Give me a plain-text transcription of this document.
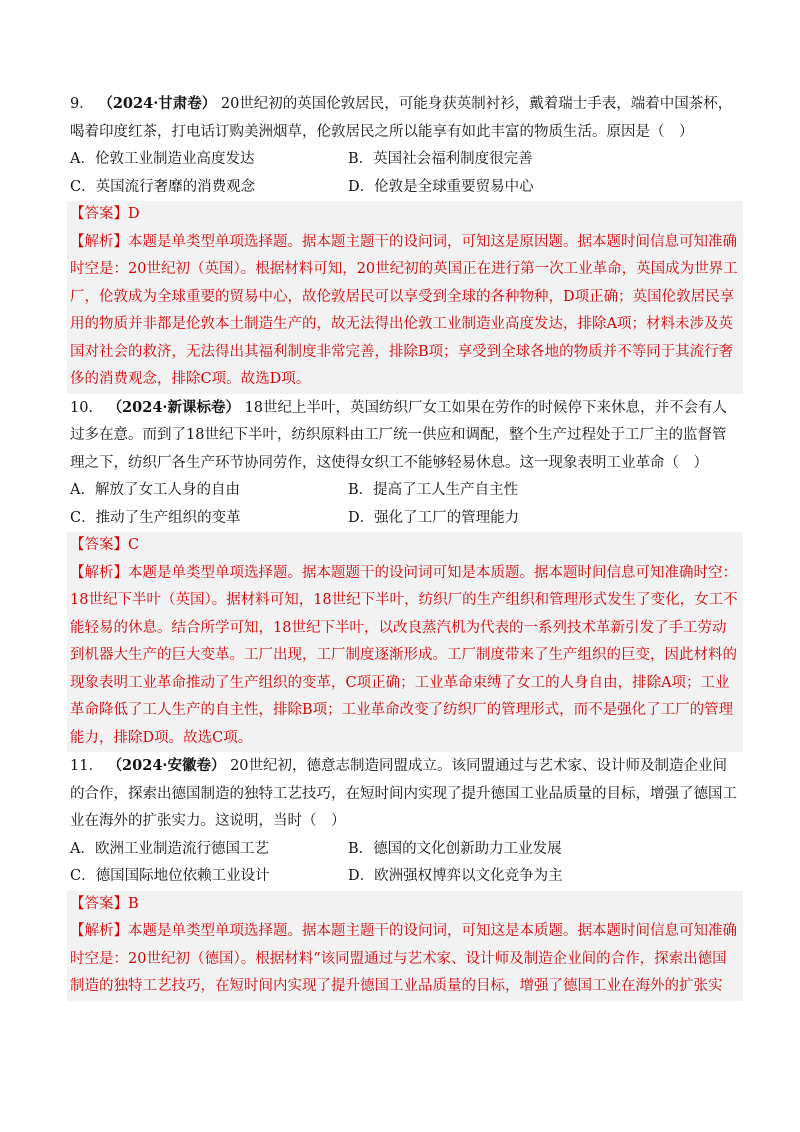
9． （2024·甘肃卷） 20世纪初的英国伦敦居民，可能身获英制衬衫，戴着瑞士手表，端着中国茶杯，喝着印度红茶，打电话订购美洲烟草，伦敦居民之所以能享有如此丰富的物质生活。原因是（　）

A．伦敦工业制造业高度发达	B．英国社会福利制度很完善
C．英国流行奢靡的消费观念	D．伦敦是全球重要贸易中心

【答案】D

【解析】本题是单类型单项选择题。据本题主题干的设问词，可知这是原因题。据本题时间信息可知准确时空是：20世纪初（英国）。根据材料可知，20世纪初的英国正在进行第一次工业革命，英国成为世界工厂，伦敦成为全球重要的贸易中心，故伦敦居民可以享受到全球的各种物种，D项正确；英国伦敦居民享用的物质并非都是伦敦本土制造生产的，故无法得出伦敦工业制造业高度发达，排除A项；材料未涉及英国对社会的救济，无法得出其福利制度非常完善，排除B项；享受到全球各地的物质并不等同于其流行奢侈的消费观念，排除C项。故选D项。

10． （2024·新课标卷） 18世纪上半叶，英国纺织厂女工如果在劳作的时候停下来休息，并不会有人过多在意。而到了18世纪下半叶，纺织原料由工厂统一供应和调配，整个生产过程处于工厂主的监督管理之下，纺织厂各生产环节协同劳作，这使得女织工不能够轻易休息。这一现象表明工业革命（　）

A．解放了女工人身的自由	B．提高了工人生产自主性
C．推动了生产组织的变革	D．强化了工厂的管理能力

【答案】C

【解析】本题是单类型单项选择题。据本题题干的设问词可知是本质题。据本题时间信息可知准确时空：18世纪下半叶（英国）。据材料可知，18世纪下半叶，纺织厂的生产组织和管理形式发生了变化，女工不能轻易的休息。结合所学可知，18世纪下半叶，以改良蒸汽机为代表的一系列技术革新引发了手工劳动到机器大生产的巨大变革。工厂出现，工厂制度逐渐形成。工厂制度带来了生产组织的巨变，因此材料的现象表明工业革命推动了生产组织的变革，C项正确；工业革命束缚了女工的人身自由，排除A项；工业革命降低了工人生产的自主性，排除B项；工业革命改变了纺织厂的管理形式，而不是强化了工厂的管理能力，排除D项。故选C项。

11． （2024·安徽卷） 20世纪初，德意志制造同盟成立。该同盟通过与艺术家、设计师及制造企业间的合作，探索出德国制造的独特工艺技巧，在短时间内实现了提升德国工业品质量的目标，增强了德国工业在海外的扩张实力。这说明，当时（　）

A．欧洲工业制造流行德国工艺	B．德国的文化创新助力工业发展
C．德国国际地位依赖工业设计	D．欧洲强权博弈以文化竞争为主

【答案】B

【解析】本题是单类型单项选择题。据本题主题干的设问词，可知这是本质题。据本题时间信息可知准确时空是：20世纪初（德国）。根据材料“该同盟通过与艺术家、设计师及制造企业间的合作，探索出德国制造的独特工艺技巧，在短时间内实现了提升德国工业品质量的目标，增强了德国工业在海外的扩张实
